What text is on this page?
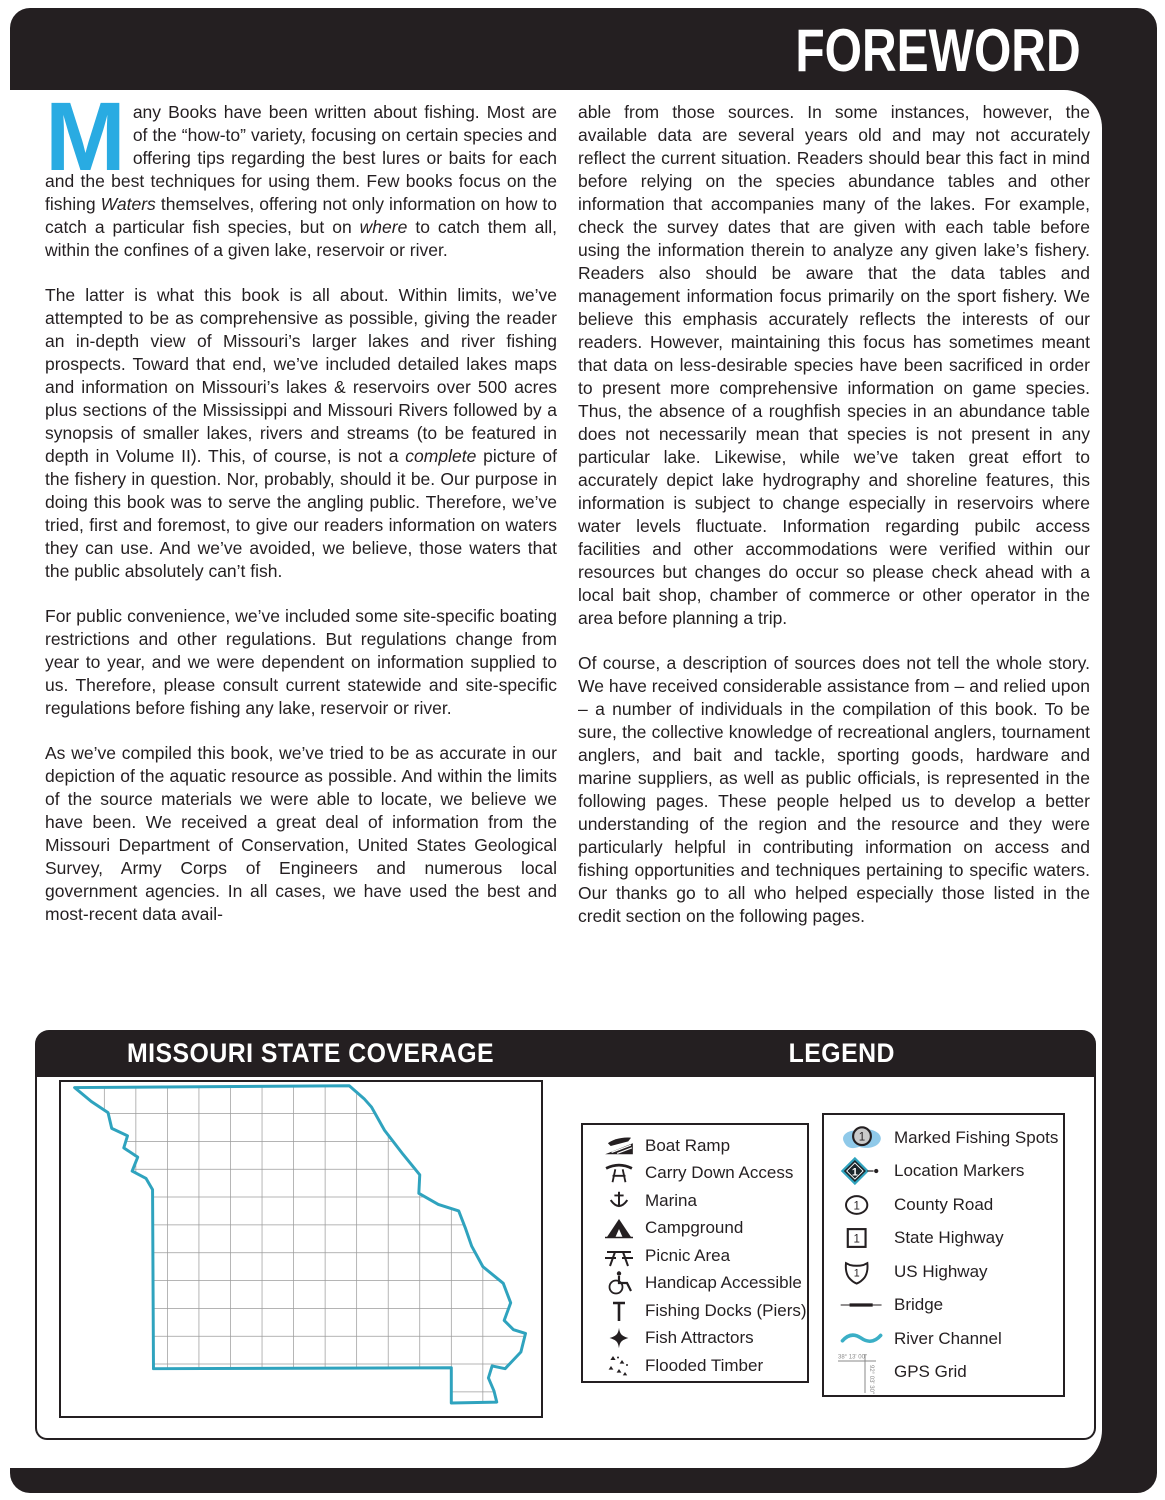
FOREWORD

Many Books have been written about fishing. Most are of the “how-to” variety, focusing on certain species and offering tips regarding the best lures or baits for each and the best techniques for using them. Few books focus on the fishing Waters themselves, offering not only information on how to catch a particular fish species, but on where to catch them all, within the confines of a given lake, reservoir or river.

The latter is what this book is all about. Within limits, we’ve attempted to be as comprehensive as possible, giving the reader an in-depth view of Missouri’s larger lakes and river fishing prospects. Toward that end, we’ve included detailed lakes maps and information on Missouri’s lakes & reservoirs over 500 acres plus sections of the Mississippi and Missouri Rivers followed by a synopsis of smaller lakes, rivers and streams (to be featured in depth in Volume II). This, of course, is not a complete picture of the fishery in question. Nor, probably, should it be. Our purpose in doing this book was to serve the angling public. Therefore, we’ve tried, first and foremost, to give our readers information on waters they can use. And we’ve avoided, we believe, those waters that the public absolutely can’t fish.

For public convenience, we’ve included some site-specific boating restrictions and other regulations. But regulations change from year to year, and we were dependent on information supplied to us. Therefore, please consult current statewide and site-specific regulations before fishing any lake, reservoir or river.

As we’ve compiled this book, we’ve tried to be as accurate in our depiction of the aquatic resource as possible. And within the limits of the source materials we were able to locate, we believe we have been. We received a great deal of information from the Missouri Department of Conservation, United States Geological Survey, Army Corps of Engineers and numerous local government agencies. In all cases, we have used the best and most-recent data avail-

able from those sources. In some instances, however, the available data are several years old and may not accurately reflect the current situation. Readers should bear this fact in mind before relying on the species abundance tables and other information that accompanies many of the lakes. For example, check the survey dates that are given with each table before using the information therein to analyze any given lake’s fishery. Readers also should be aware that the data tables and management information focus primarily on the sport fishery. We believe this emphasis accurately reflects the interests of our readers. However, maintaining this focus has sometimes meant that data on less-desirable species have been sacrificed in order to present more comprehensive information on game species. Thus, the absence of a roughfish species in an abundance table does not necessarily mean that species is not present in any particular lake. Likewise, while we’ve taken great effort to accurately depict lake hydrography and shoreline features, this information is subject to change especially in reservoirs where water levels fluctuate. Information regarding pubilc access facilities and other accommodations were verified within our resources but changes do occur so please check ahead with a local bait shop, chamber of commerce or other operator in the area before planning a trip.

Of course, a description of sources does not tell the whole story. We have received considerable assistance from – and relied upon – a number of individuals in the compilation of this book. To be sure, the collective knowledge of recreational anglers, tournament anglers, and bait and tackle, sporting goods, hardware and marine suppliers, as well as public officials, is represented in the following pages. These people helped us to develop a better understanding of the region and the resource and they were particularly helpful in contributing information on access and fishing opportunities and techniques pertaining to specific waters. Our thanks go to all who helped especially those listed in the credit section on the following pages.

MISSOURI STATE COVERAGE	LEGEND
Boat Ramp
Carry Down Access
Marina
Campground
Picnic Area
Handicap Accessible
Fishing Docks (Piers)
Fish Attractors
Flooded Timber
1 Marked Fishing Spots
1 Location Markers
1 County Road
1 State Highway
1 US Highway
Bridge
River Channel
38° 13' 00"
92° 03' 30" GPS Grid
